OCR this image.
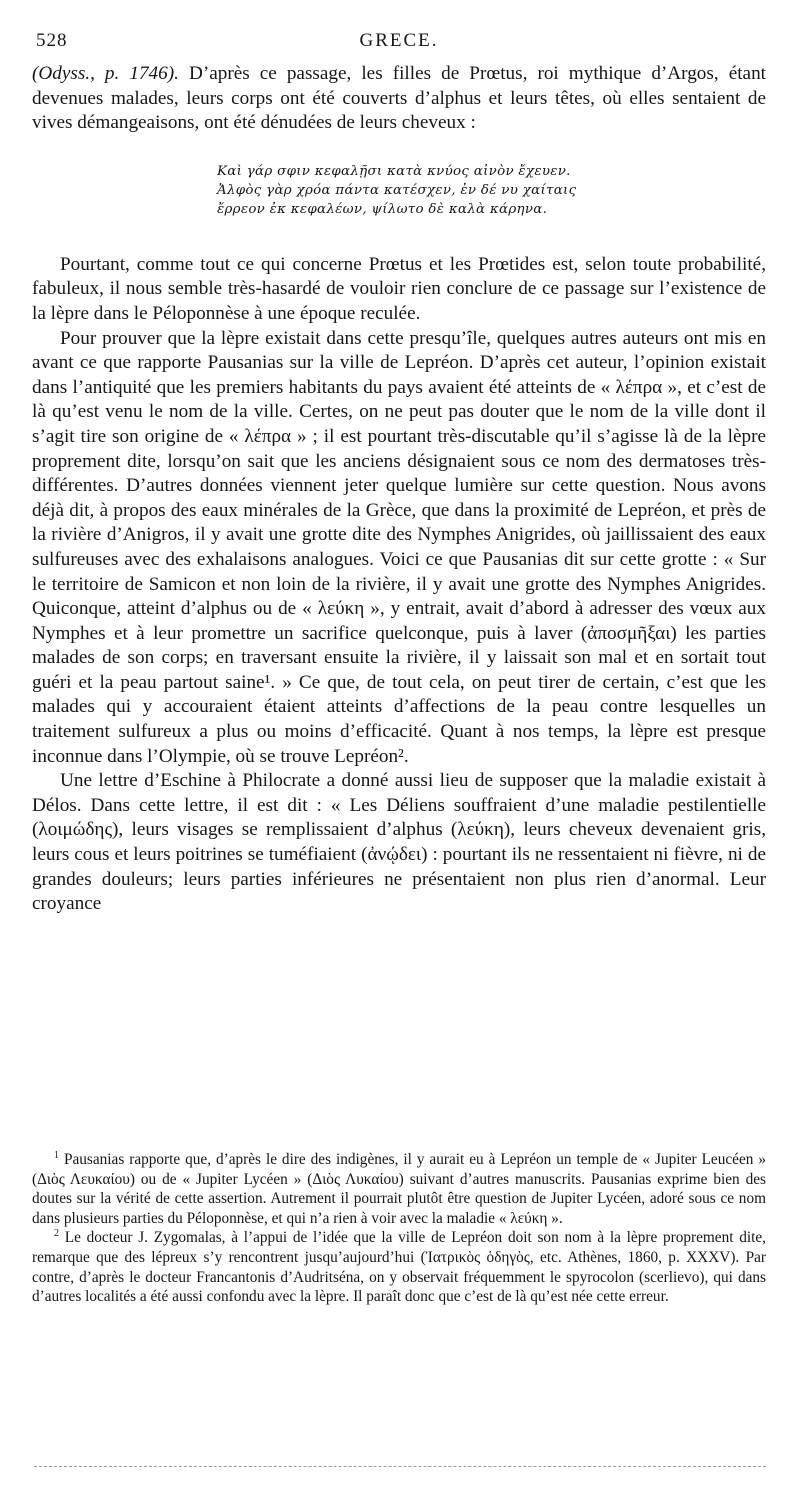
528	GRECE.

(Odyss., p. 1746). D’après ce passage, les filles de Prœtus, roi mythique d’Argos, étant devenues malades, leurs corps ont été couverts d’alphus et leurs têtes, où elles sentaient de vives démangeaisons, ont été dénudées de leurs cheveux :

Καὶ γάρ σφιν κεφαλῇσι κατὰ κνύος αἰνὸν ἔχευεν.
Ἀλφὸς γὰρ χρόα πάντα κατέσχεν, ἐν δέ νυ χαίταις
ἔρρεον ἐκ κεφαλέων, ψίλωτο δὲ καλὰ κάρηνα.

Pourtant, comme tout ce qui concerne Prœtus et les Prœtides est, selon toute probabilité, fabuleux, il nous semble très-hasardé de vouloir rien conclure de ce passage sur l’existence de la lèpre dans le Péloponnèse à une époque reculée.

Pour prouver que la lèpre existait dans cette presqu’île, quelques autres auteurs ont mis en avant ce que rapporte Pausanias sur la ville de Lepréon. D’après cet auteur, l’opinion existait dans l’antiquité que les premiers habitants du pays avaient été atteints de « λέπρα », et c’est de là qu’est venu le nom de la ville. Certes, on ne peut pas douter que le nom de la ville dont il s’agit tire son origine de « λέπρα » ; il est pourtant très-discutable qu’il s’agisse là de la lèpre proprement dite, lorsqu’on sait que les anciens désignaient sous ce nom des dermatoses très-différentes. D’autres données viennent jeter quelque lumière sur cette question. Nous avons déjà dit, à propos des eaux minérales de la Grèce, que dans la proximité de Lepréon, et près de la rivière d’Anigros, il y avait une grotte dite des Nymphes Anigrides, où jaillissaient des eaux sulfureuses avec des exhalaisons analogues. Voici ce que Pausanias dit sur cette grotte : « Sur le territoire de Samicon et non loin de la rivière, il y avait une grotte des Nymphes Anigrides. Quiconque, atteint d’alphus ou de « λεύκη », y entrait, avait d’abord à adresser des vœux aux Nymphes et à leur promettre un sacrifice quelconque, puis à laver (ἀποσμῆξαι) les parties malades de son corps; en traversant ensuite la rivière, il y laissait son mal et en sortait tout guéri et la peau partout saine¹. » Ce que, de tout cela, on peut tirer de certain, c’est que les malades qui y accouraient étaient atteints d’affections de la peau contre lesquelles un traitement sulfureux a plus ou moins d’efficacité. Quant à nos temps, la lèpre est presque inconnue dans l’Olympie, où se trouve Lepréon².

Une lettre d’Eschine à Philocrate a donné aussi lieu de supposer que la maladie existait à Délos. Dans cette lettre, il est dit : « Les Déliens souffraient d’une maladie pestilentielle (λοιμώδης), leurs visages se remplissaient d’alphus (λεύκη), leurs cheveux devenaient gris, leurs cous et leurs poitrines se tuméfiaient (ἀνῴδει) : pourtant ils ne ressentaient ni fièvre, ni de grandes douleurs; leurs parties inférieures ne présentaient non plus rien d’anormal. Leur croyance

$^1$ Pausanias rapporte que, d’après le dire des indigènes, il y aurait eu à Lepréon un temple de « Jupiter Leucéen » (Διὸς Λευκαίου) ou de « Jupiter Lycéen » (Διὸς Λυκαίου) suivant d’autres manuscrits. Pausanias exprime bien des doutes sur la vérité de cette assertion. Autrement il pourrait plutôt être question de Jupiter Lycéen, adoré sous ce nom dans plusieurs parties du Péloponnèse, et qui n’a rien à voir avec la maladie « λεύκη ».

$^2$ Le docteur J. Zygomalas, à l’appui de l’idée que la ville de Lepréon doit son nom à la lèpre proprement dite, remarque que des lépreux s’y rencontrent jusqu’aujourd’hui (Ἰατρικὸς ὁδηγὸς, etc. Athènes, 1860, p. XXXV). Par contre, d’après le docteur Francantonis d’Audritséna, on y observait fréquemment le spyrocolon (scerlievo), qui dans d’autres localités a été aussi confondu avec la lèpre. Il paraît donc que c’est de là qu’est née cette erreur.
